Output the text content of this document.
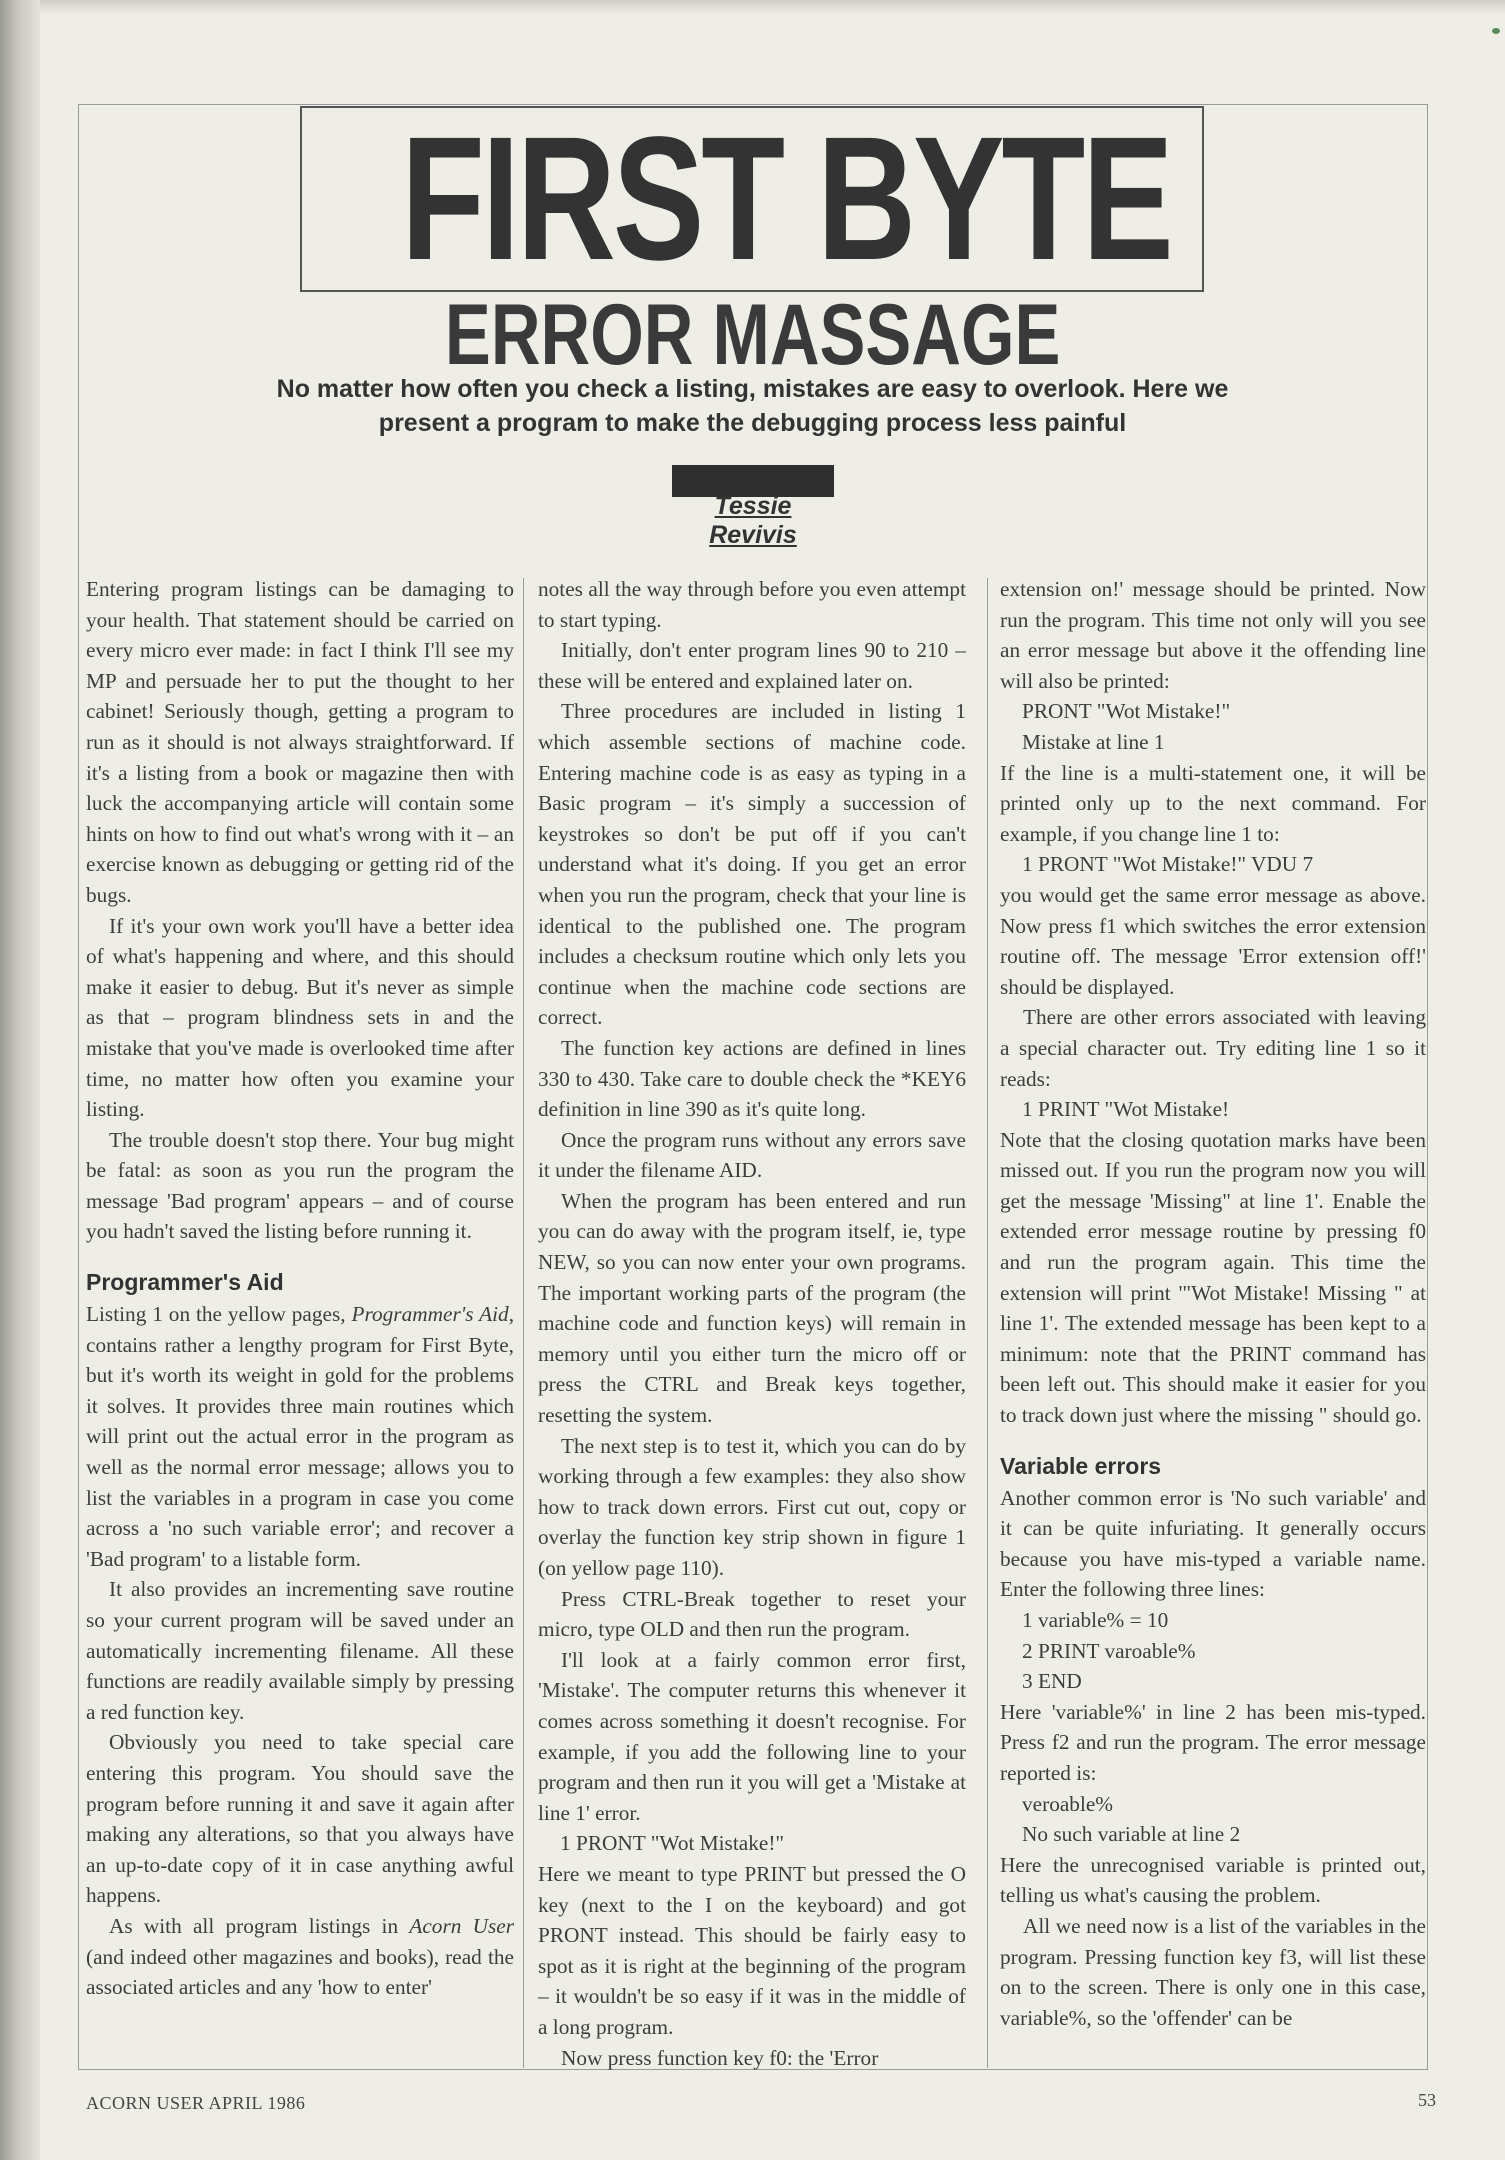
FIRST BYTE
ERROR MASSAGE
No matter how often you check a listing, mistakes are easy to overlook. Here we
present a program to make the debugging process less painful
Tessie Revivis

Entering program listings can be damaging to your health. That statement should be carried on every micro ever made: in fact I think I'll see my MP and persuade her to put the thought to her cabinet! Seriously though, getting a program to run as it should is not always straightforward. If it's a listing from a book or magazine then with luck the accompanying article will contain some hints on how to find out what's wrong with it – an exercise known as debugging or getting rid of the bugs.

If it's your own work you'll have a better idea of what's happening and where, and this should make it easier to debug. But it's never as simple as that – program blindness sets in and the mistake that you've made is overlooked time after time, no matter how often you examine your listing.

The trouble doesn't stop there. Your bug might be fatal: as soon as you run the program the message 'Bad program' appears – and of course you hadn't saved the listing before running it.

Programmer's Aid

Listing 1 on the yellow pages, Programmer's Aid, contains rather a lengthy program for First Byte, but it's worth its weight in gold for the problems it solves. It provides three main routines which will print out the actual error in the program as well as the normal error message; allows you to list the variables in a program in case you come across a 'no such variable error'; and recover a 'Bad program' to a listable form.

It also provides an incrementing save routine so your current program will be saved under an automatically incrementing filename. All these functions are readily available simply by pressing a red function key.

Obviously you need to take special care entering this program. You should save the program before running it and save it again after making any alterations, so that you always have an up-to-date copy of it in case anything awful happens.

As with all program listings in Acorn User (and indeed other magazines and books), read the associated articles and any 'how to enter'

notes all the way through before you even attempt to start typing.

Initially, don't enter program lines 90 to 210 – these will be entered and explained later on.

Three procedures are included in listing 1 which assemble sections of machine code. Entering machine code is as easy as typing in a Basic program – it's simply a succession of keystrokes so don't be put off if you can't understand what it's doing. If you get an error when you run the program, check that your line is identical to the published one. The program includes a checksum routine which only lets you continue when the machine code sections are correct.

The function key actions are defined in lines 330 to 430. Take care to double check the *KEY6 definition in line 390 as it's quite long.

Once the program runs without any errors save it under the filename AID.

When the program has been entered and run you can do away with the program itself, ie, type NEW, so you can now enter your own programs. The important working parts of the program (the machine code and function keys) will remain in memory until you either turn the micro off or press the CTRL and Break keys together, resetting the system.

The next step is to test it, which you can do by working through a few examples: they also show how to track down errors. First cut out, copy or overlay the function key strip shown in figure 1 (on yellow page 110).

Press CTRL-Break together to reset your micro, type OLD and then run the program.

I'll look at a fairly common error first, 'Mistake'. The computer returns this whenever it comes across something it doesn't recognise. For example, if you add the following line to your program and then run it you will get a 'Mistake at line 1' error.

1 PRONT "Wot Mistake!"

Here we meant to type PRINT but pressed the O key (next to the I on the keyboard) and got PRONT instead. This should be fairly easy to spot as it is right at the beginning of the program – it wouldn't be so easy if it was in the middle of a long program.

Now press function key f0: the 'Error

extension on!' message should be printed. Now run the program. This time not only will you see an error message but above it the offending line will also be printed:

PRONT "Wot Mistake!"

Mistake at line 1

If the line is a multi-statement one, it will be printed only up to the next command. For example, if you change line 1 to:

1 PRONT "Wot Mistake!" VDU 7

you would get the same error message as above. Now press f1 which switches the error extension routine off. The message 'Error extension off!' should be displayed.

There are other errors associated with leaving a special character out. Try editing line 1 so it reads:

1 PRINT "Wot Mistake!

Note that the closing quotation marks have been missed out. If you run the program now you will get the message 'Missing" at line 1'. Enable the extended error message routine by pressing f0 and run the program again. This time the extension will print '"Wot Mistake! Missing " at line 1'. The extended message has been kept to a minimum: note that the PRINT command has been left out. This should make it easier for you to track down just where the missing " should go.

Variable errors

Another common error is 'No such variable' and it can be quite infuriating. It generally occurs because you have mis-typed a variable name. Enter the following three lines:

1 variable% = 10

2 PRINT varoable%

3 END

Here 'variable%' in line 2 has been mis-typed. Press f2 and run the program. The error message reported is:

veroable%

No such variable at line 2

Here the unrecognised variable is printed out, telling us what's causing the problem.

All we need now is a list of the variables in the program. Pressing function key f3, will list these on to the screen. There is only one in this case, variable%, so the 'offender' can be

ACORN USER APRIL 1986	53
